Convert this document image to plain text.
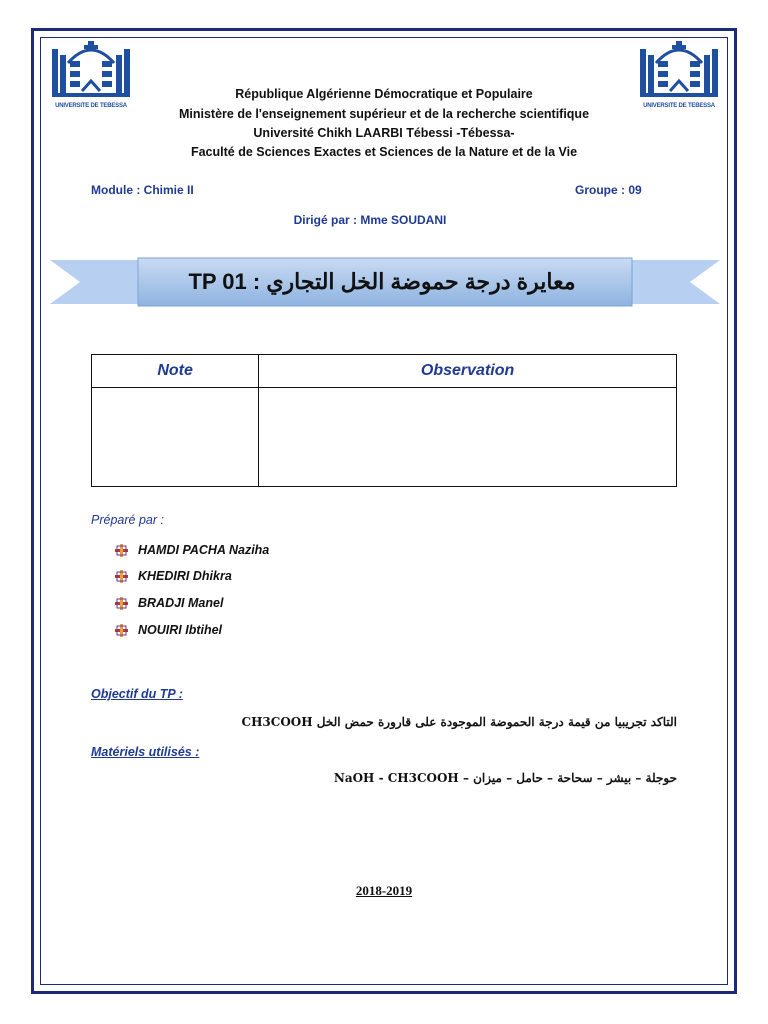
UNIVERSITE DE TEBESSA	UNIVERSITE DE TEBESSA
République Algérienne Démocratique et Populaire
Ministère de l'enseignement supérieur et de la recherche scientifique
Université Chikh LAARBI Tébessi -Tébessa-
Faculté de Sciences Exactes et Sciences de la Nature et de la Vie
Module : Chimie II	Groupe : 09
Dirigé par : Mme SOUDANI
معايرة درجة حموضة الخل التجاري : TP 01
Note	Observation

Préparé par :
HAMDI PACHA Naziha
KHEDIRI Dhikra
BRADJI Manel
NOUIRI Ibtihel
Objectif du TP :
التاكد تجريبيا من قيمة درجة الحموضة الموجودة على قارورة حمض الخل CH3COOH
Matériels utilisés :
حوجلة – بيشر – سحاحة – حامل – ميزان – NaOH - CH3COOH
2018-2019
